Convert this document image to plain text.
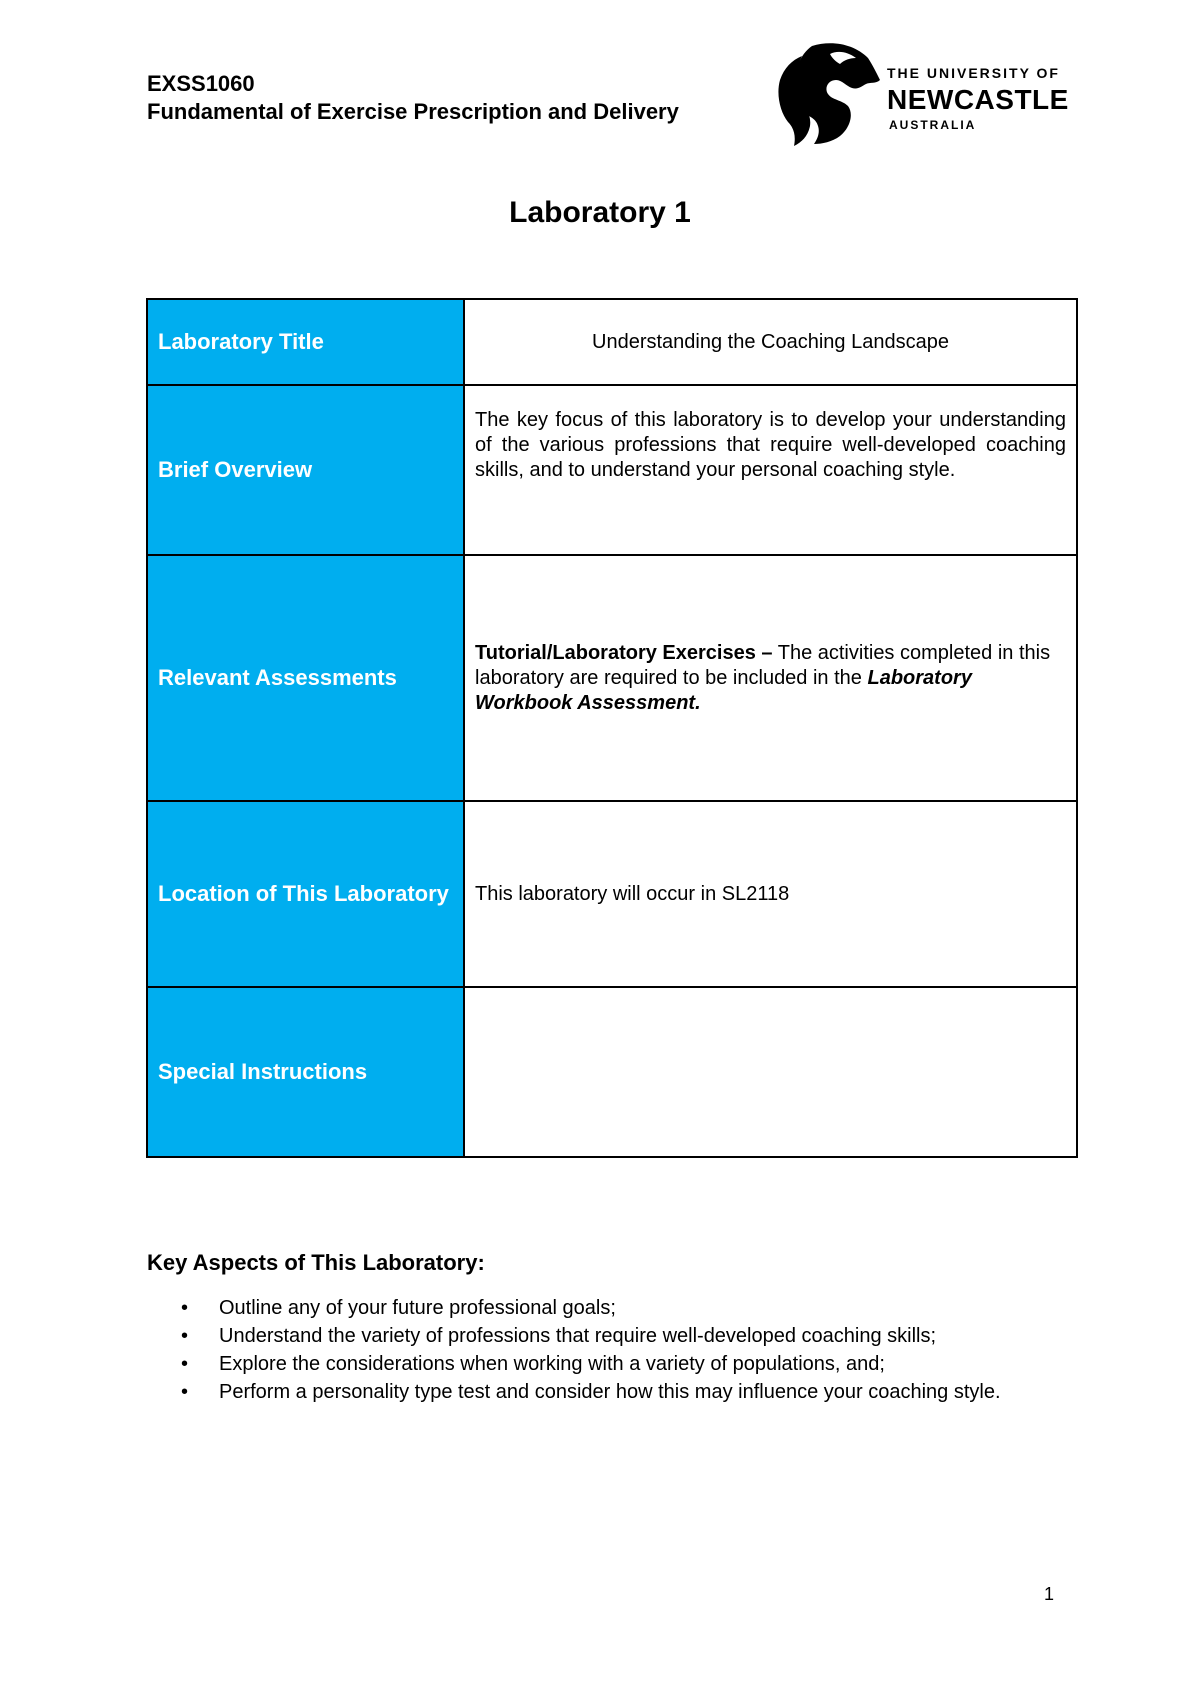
EXSS1060
Fundamental of Exercise Prescription and Delivery
THE UNIVERSITY OF
NEWCASTLE
AUSTRALIA
Laboratory 1
Laboratory Title	Understanding the Coaching Landscape
Brief Overview	The key focus of this laboratory is to develop your understanding of the various professions that require well-developed coaching skills, and to understand your personal coaching style.
Relevant Assessments	Tutorial/Laboratory Exercises – The activities completed in this laboratory are required to be included in the Laboratory Workbook Assessment.
Location of This Laboratory	This laboratory will occur in SL2118
Special Instructions	
Key Aspects of This Laboratory:
• Outline any of your future professional goals;
• Understand the variety of professions that require well-developed coaching skills;
• Explore the considerations when working with a variety of populations, and;
• Perform a personality type test and consider how this may influence your coaching style.
1
